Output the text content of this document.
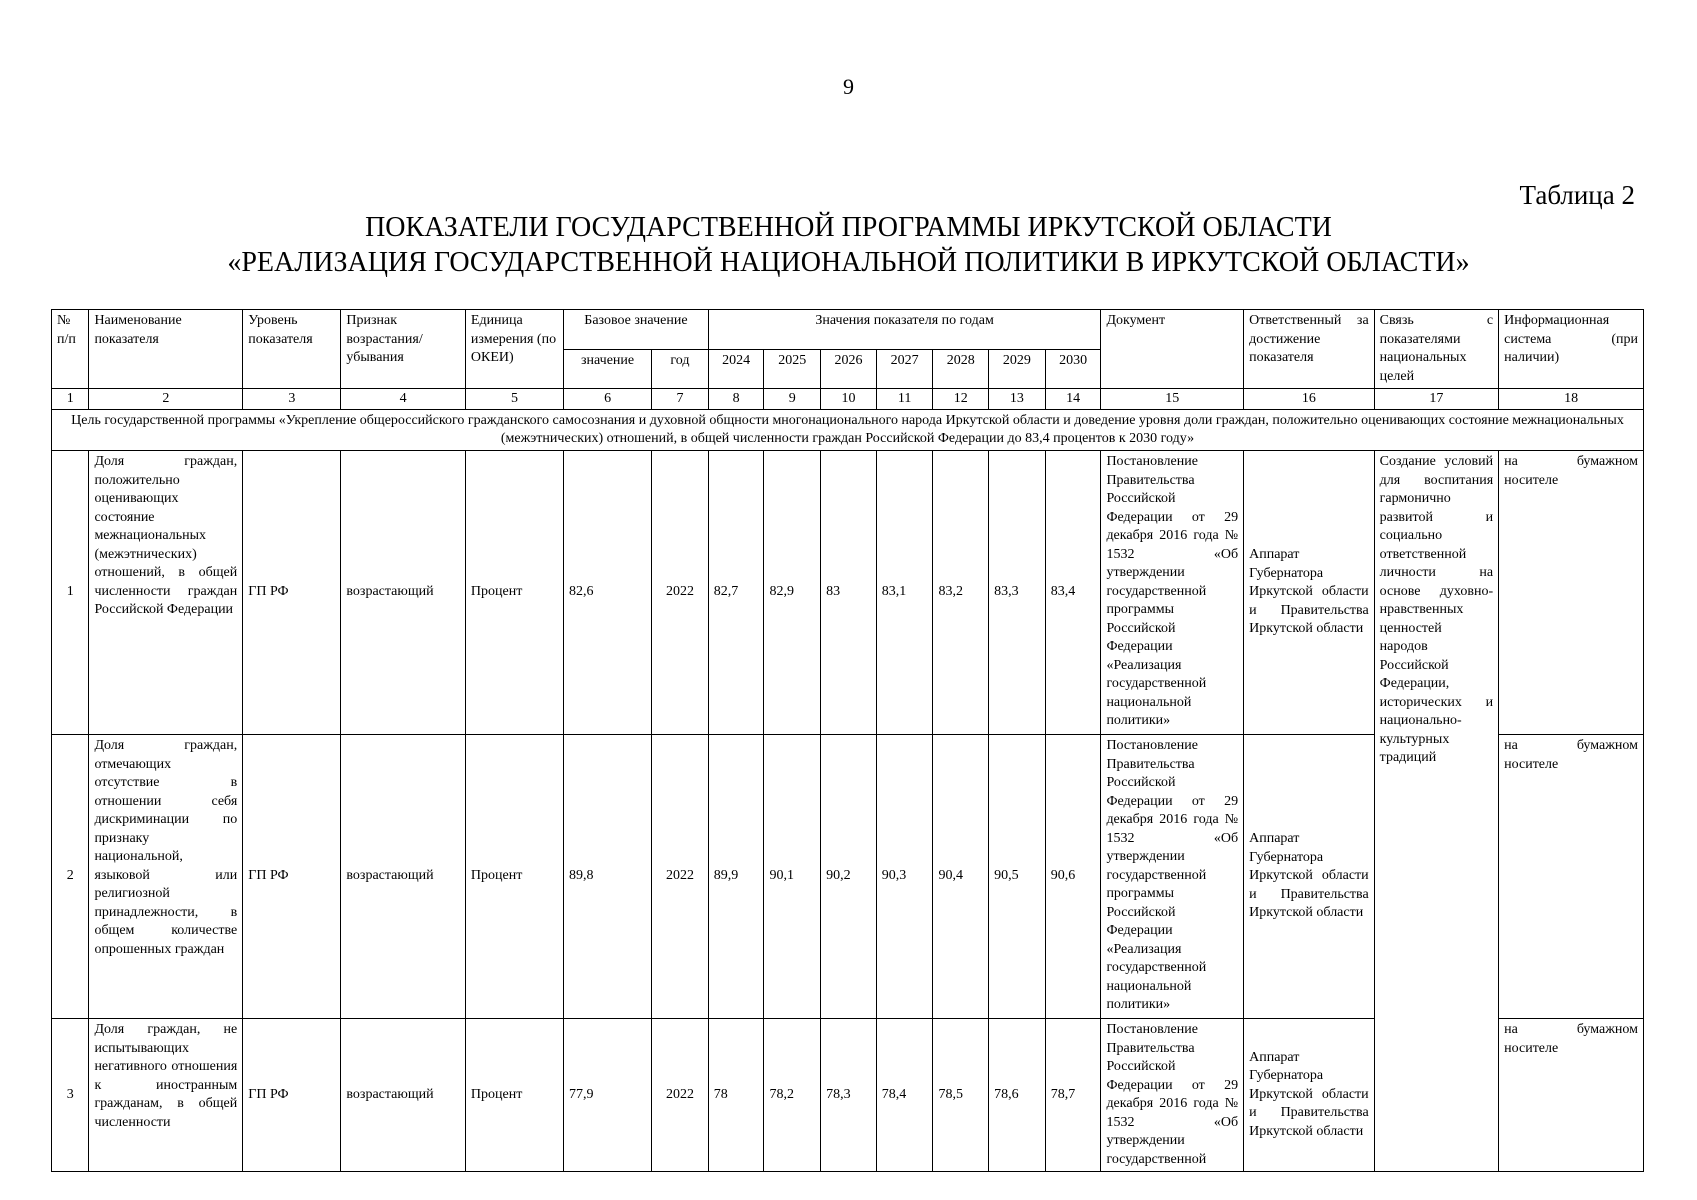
9
Таблица 2
ПОКАЗАТЕЛИ ГОСУДАРСТВЕННОЙ ПРОГРАММЫ ИРКУТСКОЙ ОБЛАСТИ
«РЕАЛИЗАЦИЯ ГОСУДАРСТВЕННОЙ НАЦИОНАЛЬНОЙ ПОЛИТИКИ В ИРКУТСКОЙ ОБЛАСТИ»
№ п/п	Наименование показателя	Уровень показателя	Признак возрастания/ убывания	Единица измерения (по ОКЕИ)	Базовое значение		Значения показателя по годам							Документ	Ответственный за достижение показателя	Связь с показателями национальных целей	Информационная система (при наличии)
					значение	год	2024	2025	2026	2027	2028	2029	2030				
1	2	3	4	5	6	7	8	9	10	11	12	13	14	15	16	17	18
Цель государственной программы «Укрепление общероссийского гражданского самосознания и духовной общности многонационального народа Иркутской области и доведение уровня доли граждан, положительно оценивающих состояние межнациональных (межэтнических) отношений, в общей численности граждан Российской Федерации до 83,4 процентов к 2030 году»																	
1	Доля граждан, положительно оценивающих состояние межнациональных (межэтнических) отношений, в общей численности граждан Российской Федерации	ГП РФ	возрастающий	Процент	82,6	2022	82,7	82,9	83	83,1	83,2	83,3	83,4	Постановление Правительства Российской Федерации от 29 декабря 2016 года № 1532 «Об утверждении государственной программы Российской Федерации «Реализация государственной национальной политики»	Аппарат Губернатора Иркутской области и Правительства Иркутской области	Создание условий для воспитания гармонично развитой и социально ответственной личности на основе духовно-нравственных ценностей народов Российской Федерации, исторических и национально-культурных традиций	на бумажном носителе
2	Доля граждан, отмечающих отсутствие в отношении себя дискриминации по признаку национальной, языковой или религиозной принадлежности, в общем количестве опрошенных граждан	ГП РФ	возрастающий	Процент	89,8	2022	89,9	90,1	90,2	90,3	90,4	90,5	90,6	Постановление Правительства Российской Федерации от 29 декабря 2016 года № 1532 «Об утверждении государственной программы Российской Федерации «Реализация государственной национальной политики»	Аппарат Губернатора Иркутской области и Правительства Иркутской области		на бумажном носителе
3	Доля граждан, не испытывающих негативного отношения к иностранным гражданам, в общей численности	ГП РФ	возрастающий	Процент	77,9	2022	78	78,2	78,3	78,4	78,5	78,6	78,7	Постановление Правительства Российской Федерации от 29 декабря 2016 года № 1532 «Об утверждении государственной	Аппарат Губернатора Иркутской области и Правительства Иркутской области		на бумажном носителе
